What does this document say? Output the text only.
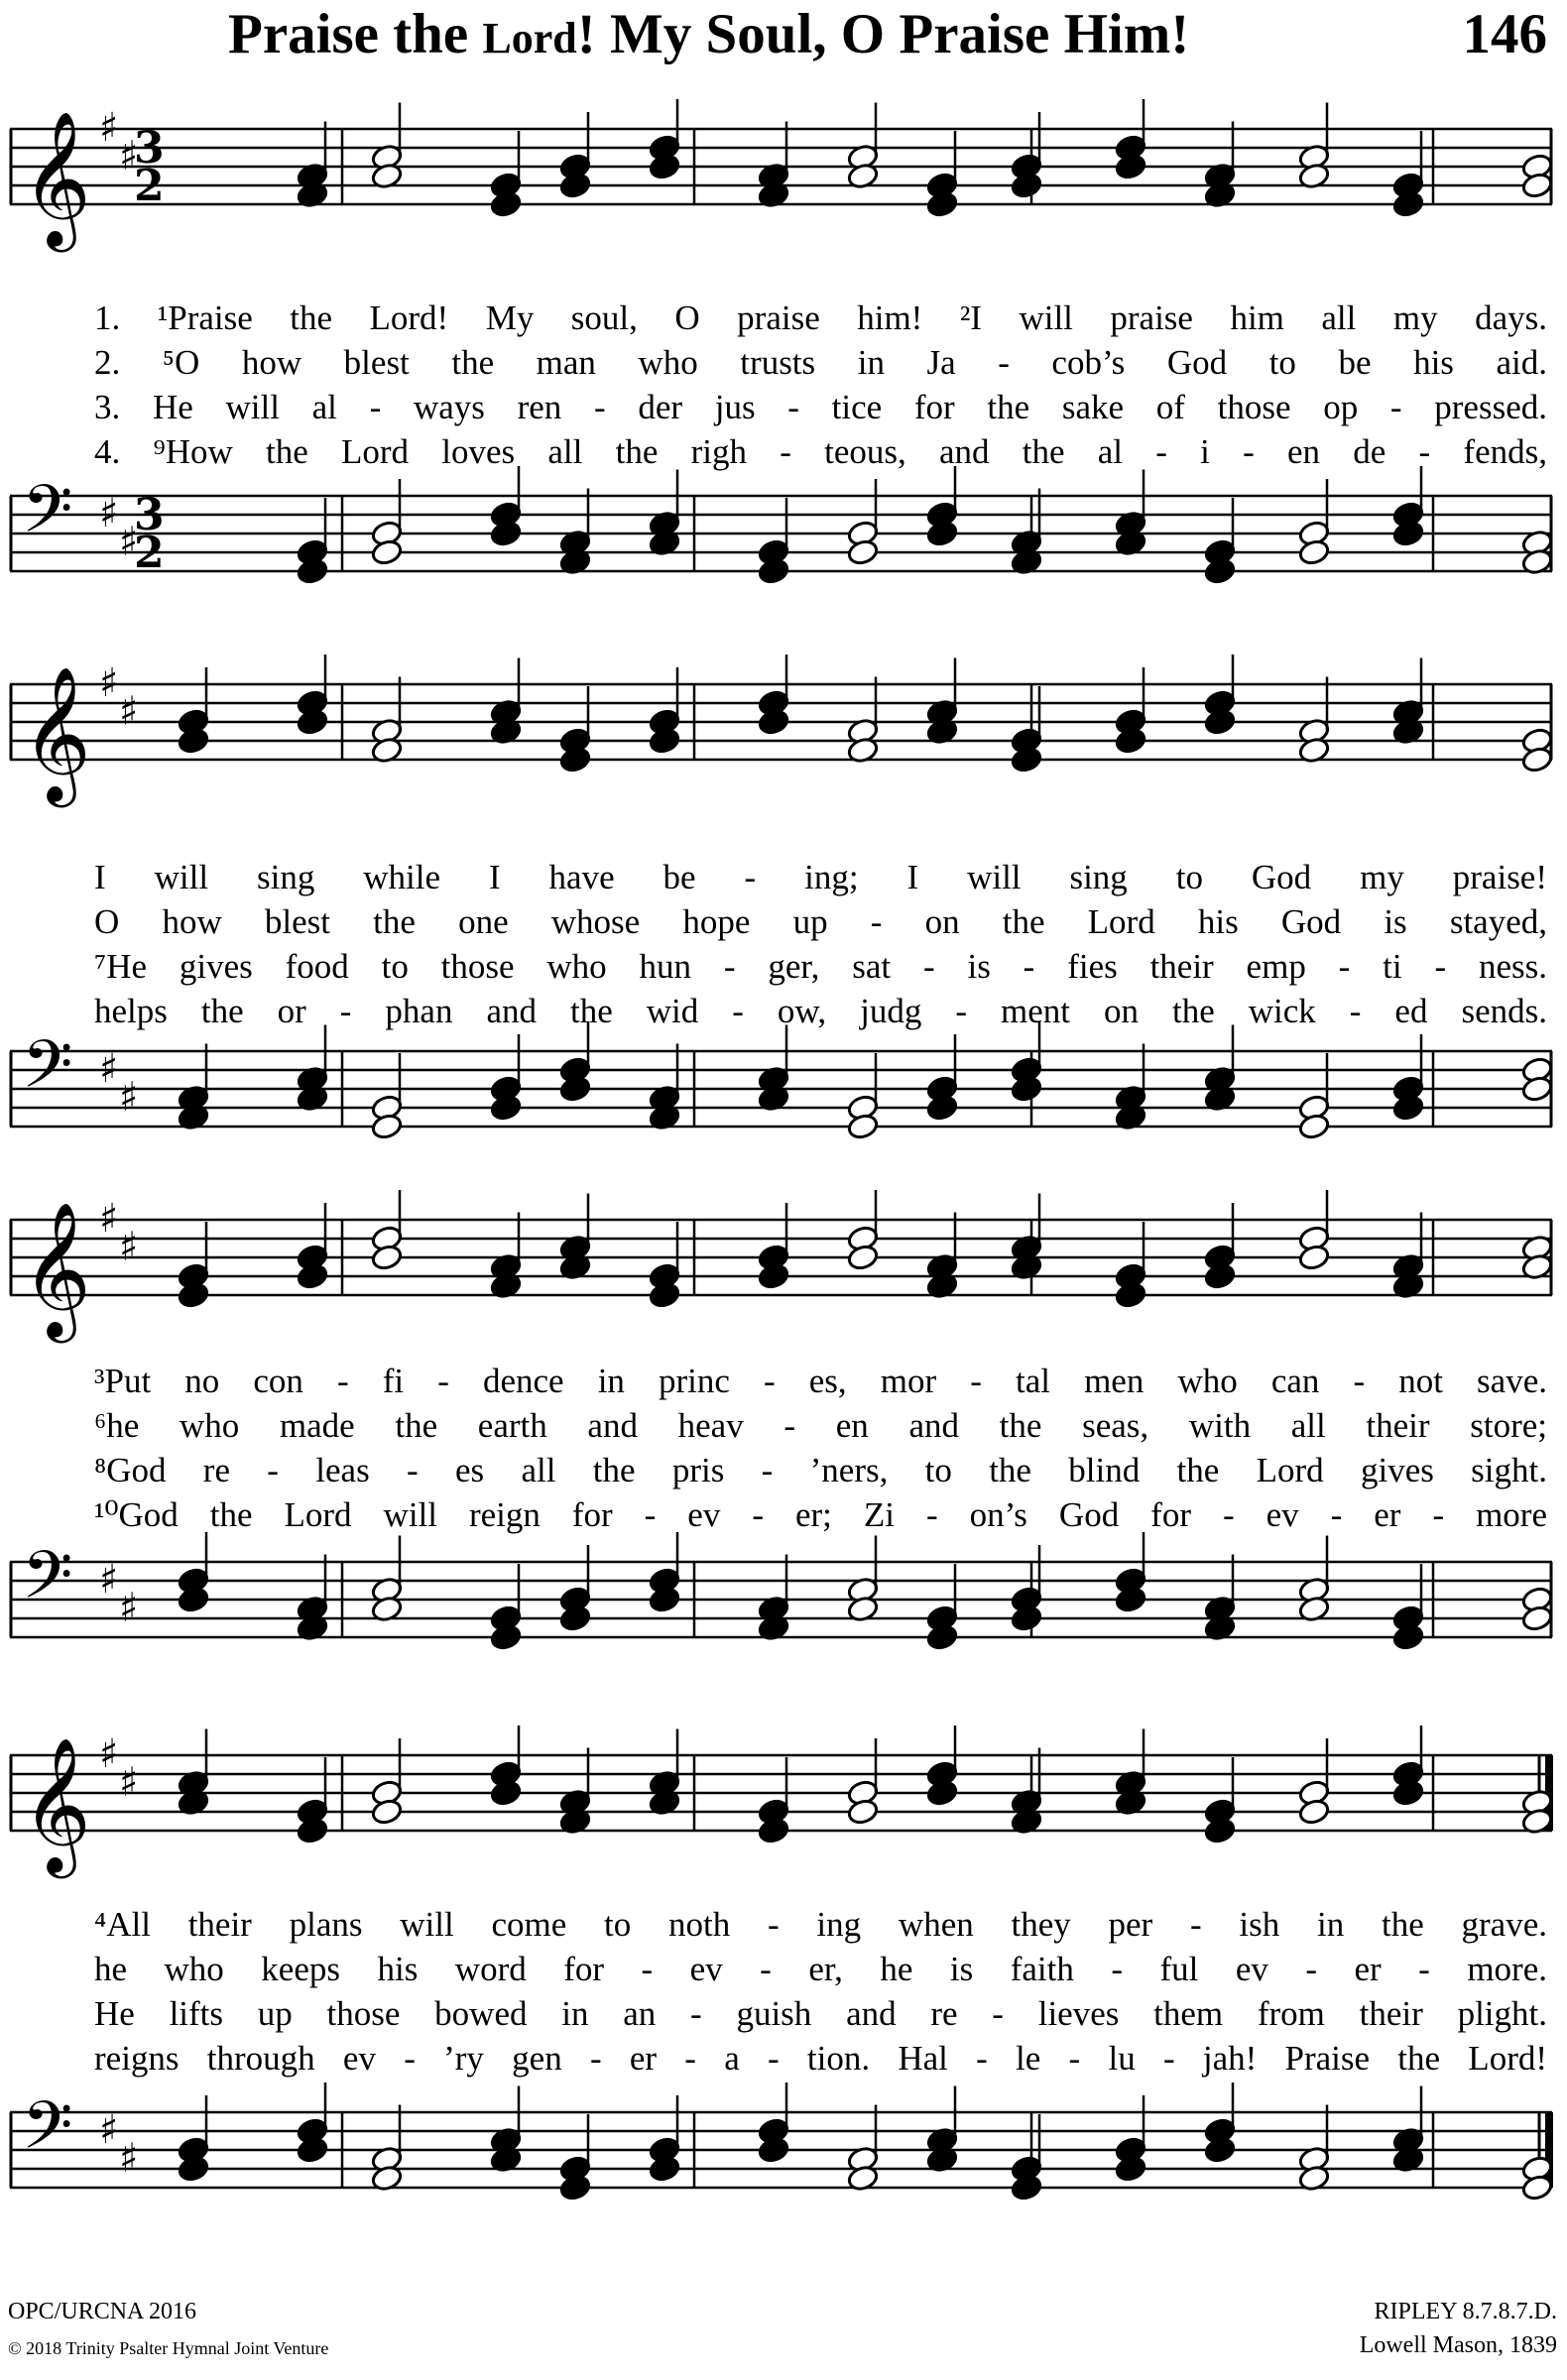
Praise the Lord! My Soul, O Praise Him!	146
𝄞 ♯
♯
3
2
1. ¹Praise the Lord! My soul, O praise him! ²I will praise him all my days.
2. ⁵O how blest the man who trusts in Ja - cob’s God to be his aid.
3. He will al - ways ren - der jus - tice for the sake of those op - pressed.
4. ⁹How the Lord loves all the righ - teous, and the al - i - en de - fends,
𝄢 ♯
♯
3
2
𝄞 ♯
♯
I will sing while I have be - ing; I will sing to God my praise!
O how blest the one whose hope up - on the Lord his God is stayed,
⁷He gives food to those who hun - ger, sat - is - fies their emp - ti - ness.
helps the or - phan and the wid - ow, judg - ment on the wick - ed sends.
𝄢 ♯
♯
𝄞 ♯
♯
³Put no con - fi - dence in princ - es, mor - tal men who can - not save.
⁶he who made the earth and heav - en and the seas, with all their store;
⁸God re - leas - es all the pris - ’ners, to the blind the Lord gives sight.
¹⁰God the Lord will reign for - ev - er; Zi - on’s God for - ev - er - more
𝄢 ♯
♯
𝄞 ♯
♯
⁴All their plans will come to noth - ing when they per - ish in the grave.
he who keeps his word for - ev - er, he is faith - ful ev - er - more.
He lifts up those bowed in an - guish and re - lieves them from their plight.
reigns through ev - ’ry gen - er - a - tion. Hal - le - lu - jah! Praise the Lord!
𝄢 ♯
♯
OPC/URCNA 2016
© 2018 Trinity Psalter Hymnal Joint Venture
RIPLEY 8.7.8.7.D.
Lowell Mason, 1839
